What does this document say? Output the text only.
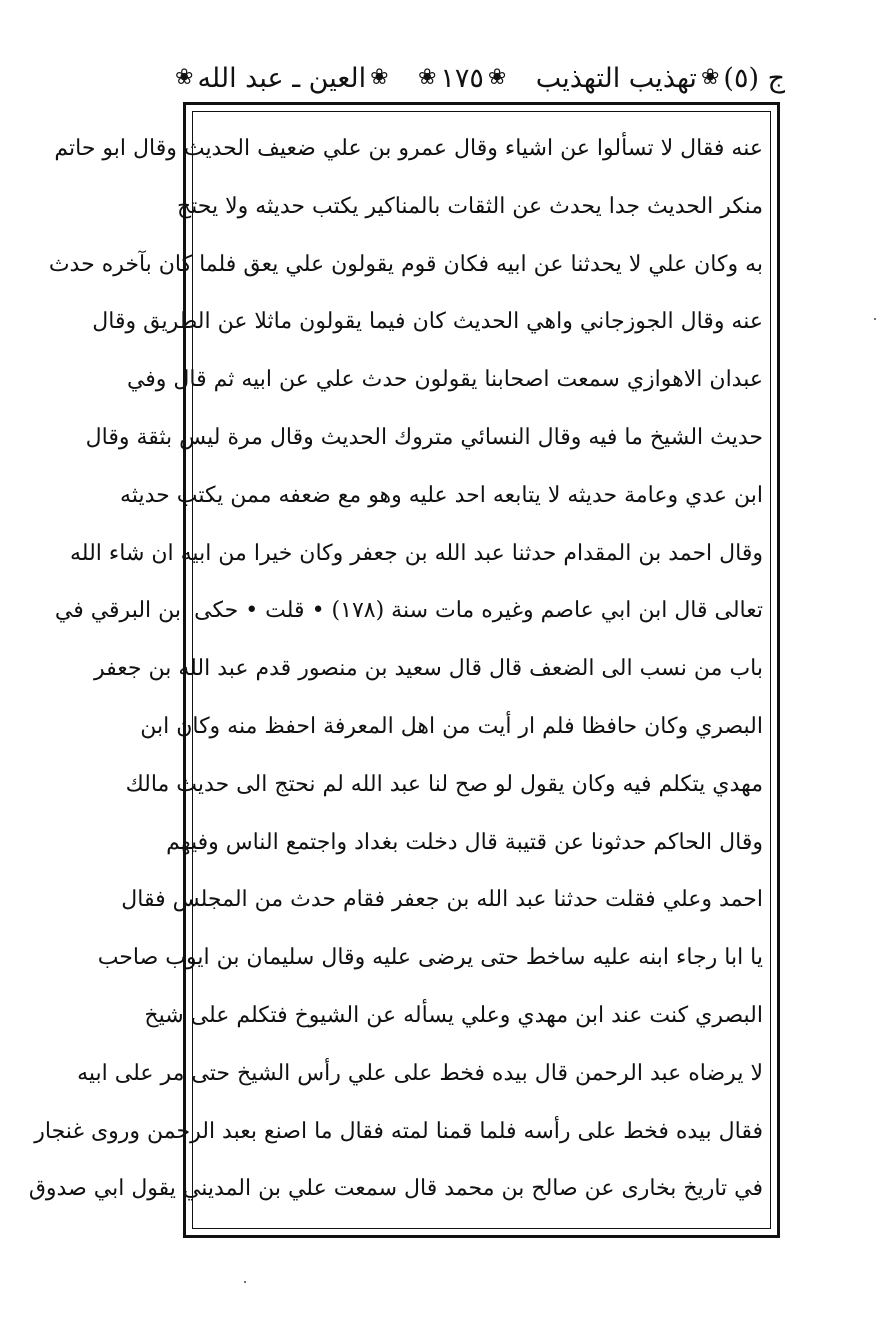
ج (٥)
❀
تهذيب التهذيب
❀
١٧٥
❀
❀
العين ـ عبد الله
❀
عنه فقال لا تسألوا عن اشياء وقال عمرو بن علي ضعيف الحديث وقال ابو حاتم
منكر الحديث جدا يحدث عن الثقات بالمناكير يكتب حديثه ولا يحتج
به وكان علي لا يحدثنا عن ابيه فكان قوم يقولون علي يعق فلما كان بآخره حدث
عنه وقال الجوزجاني واهي الحديث كان فيما يقولون ماثلا عن الطريق وقال
عبدان الاهوازي سمعت اصحابنا يقولون حدث علي عن ابيه ثم قال وفي
حديث الشيخ ما فيه وقال النسائي متروك الحديث وقال مرة ليس بثقة وقال
ابن عدي وعامة حديثه لا يتابعه احد عليه وهو مع ضعفه ممن يكتب حديثه
وقال احمد بن المقدام حدثنا عبد الله بن جعفر وكان خيرا من ابيه ان شاء الله
تعالى قال ابن ابي عاصم وغيره مات سنة (١٧٨) • قلت • حكى ابن البرقي في
باب من نسب الى الضعف قال قال سعيد بن منصور قدم عبد الله بن جعفر
البصري وكان حافظا فلم ار أيت من اهل المعرفة احفظ منه وكان ابن
مهدي يتكلم فيه وكان يقول لو صح لنا عبد الله لم نحتج الى حديث مالك
وقال الحاكم حدثونا عن قتيبة قال دخلت بغداد واجتمع الناس وفيهم
احمد وعلي فقلت حدثنا عبد الله بن جعفر فقام حدث من المجلس فقال
يا ابا رجاء ابنه عليه ساخط حتى يرضى عليه وقال سليمان بن ايوب صاحب
البصري كنت عند ابن مهدي وعلي يسأله عن الشيوخ فتكلم على شيخ
لا يرضاه عبد الرحمن قال بيده فخط على علي رأس الشيخ حتى مر على ابيه
فقال بيده فخط على رأسه فلما قمنا لمته فقال ما اصنع بعبد الرحمن وروى غنجار
في تاريخ بخارى عن صالح بن محمد قال سمعت علي بن المديني يقول ابي صدوق
